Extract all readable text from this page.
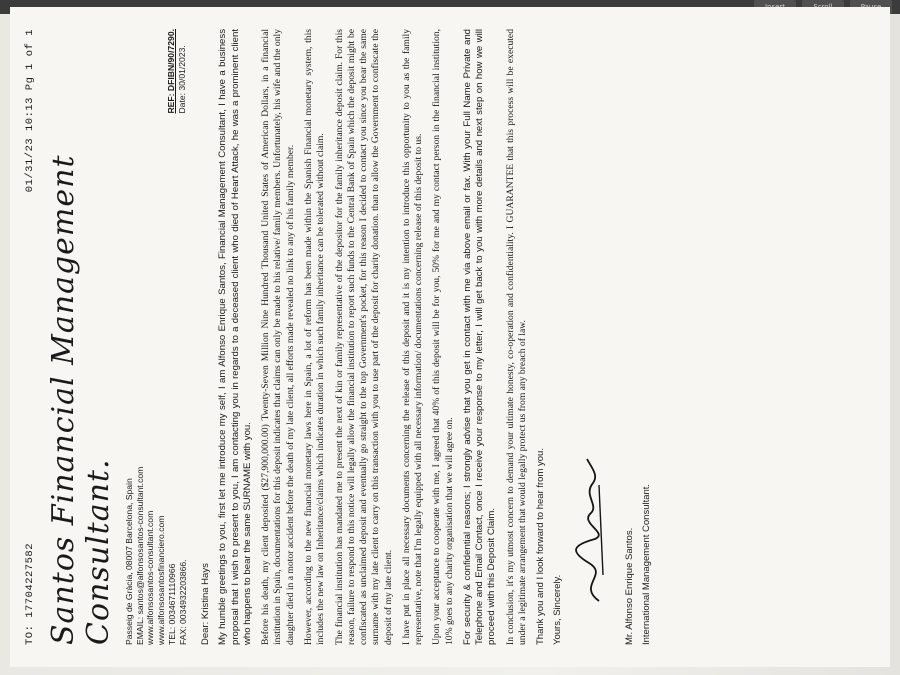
TO: 17704227582
01/31/23 10:13 Pg 1 of 1
Santos Financial Management Consultant. Passeig de Gràcia, 08007 Barcelona, Spain EMAIL: santos@alfonsosantos-consultant.com www.alfonsosantos-consultant.com www.alfonsosantosfinanciero.com TEL: 0034671110966 FAX: 0034932203866.
REF: DFIBN/90/7290. Date: 30/01/2023.
Dear: Kristina Hays My humble greetings to you, first let me introduce my self, I am Alfonso Enrique Santos, Financial Management Consultant, I have a business proposal that I wish to present to you, I am contacting you in regards to a deceased client who died of Heart Attack, he was a prominent client who happens to bear the same SURNAME with you. Before his death, my client deposited ($27,900,000.00) Twenty-Seven Million Nine Hundred Thousand United States of American Dollars, in a financial institution in Spain, documentations for this deposit indicates that claims can only be made to his relative/ family members. Unfortunately, his wife and the only daughter died in a motor accident before the death of my late client, all efforts made revealed no link to any of his family member. However, according to the new financial monetary laws here in Spain, a lot of reform has been made within the Spanish Financial monetary system, this includes the new law on Inheritance/claims which indicates duration in which such family inheritance can be tolerated without claim. The financial institution has mandated me to present the next of kin or family representative of the depositor for the family inheritance deposit claim. For this reason, failure to respond to this notice will legally allow the financial institution to report such funds to the Central Bank of Spain which the deposit might be confiscated as unclaimed deposit and eventually go straight to the top Government's pocket, for this reason I decided to contact you since you bear the same surname with my late client to carry on this transaction with you to use part of the deposit for charity donation. than to allow the Government to confiscate the deposit of my late client. I have put in place all necessary documents concerning the release of this deposit and it is my intention to introduce this opportunity to you as the family representative, note that I'm legally equipped with all necessary information/ documentations concerning release of this deposit to us. Upon your acceptance to cooperate with me, I agreed that 40% of this deposit will be for you, 50% for me and my contact person in the financial institution, 10% goes to any charity organisation that we will agree on. For security & confidential reasons; I strongly advise that you get in contact with me via above email or fax. With your Full Name Private and Telephone and Email Contact, once I receive your response to my letter, I will get back to you with more details and next step on how we will proceed with this Deposit Claim. In conclusion, it's my utmost concern to demand your ultimate honesty, co-operation and confidentiality. I GUARANTEE that this process will be executed under a legitimate arrangement that would legally protect us from any breach of law. Thank you and I look forward to hear from you. Yours, Sincerely.	Mr. Alfonso Enrique Santos. International Management Consultant.
